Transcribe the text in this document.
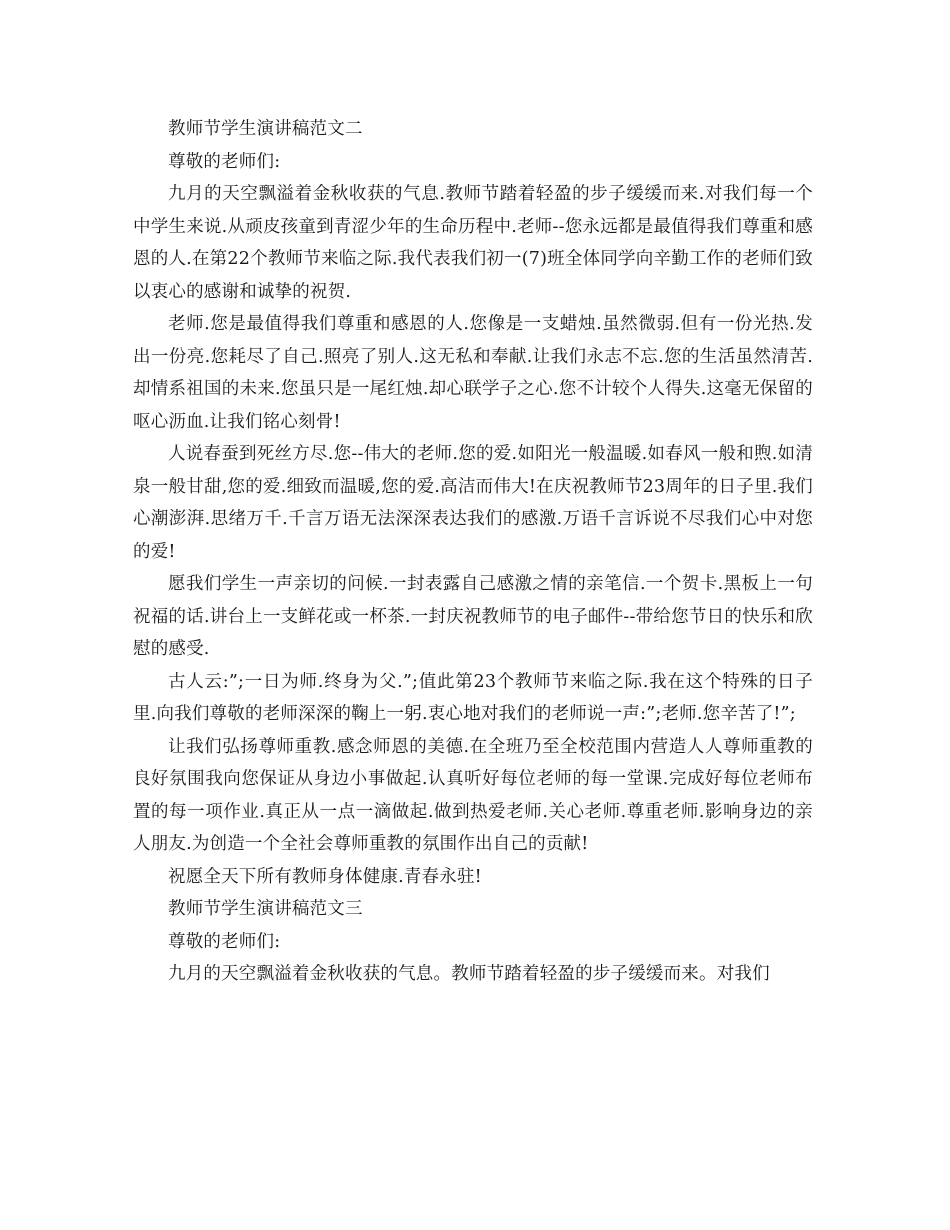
教师节学生演讲稿范文二

尊敬的老师们:

九月的天空飘溢着金秋收获的气息.教师节踏着轻盈的步子缓缓而来.对我们每一个中学生来说.从顽皮孩童到青涩少年的生命历程中.老师--您永远都是最值得我们尊重和感恩的人.在第22个教师节来临之际.我代表我们初一(7)班全体同学向辛勤工作的老师们致以衷心的感谢和诚挚的祝贺.

老师.您是最值得我们尊重和感恩的人.您像是一支蜡烛.虽然微弱.但有一份光热.发出一份亮.您耗尽了自己.照亮了别人.这无私和奉献.让我们永志不忘.您的生活虽然清苦.却情系祖国的未来.您虽只是一尾红烛.却心联学子之心.您不计较个人得失.这毫无保留的呕心沥血.让我们铭心刻骨!

人说春蚕到死丝方尽.您--伟大的老师.您的爱.如阳光一般温暖.如春风一般和煦.如清泉一般甘甜,您的爱.细致而温暖,您的爱.高洁而伟大!在庆祝教师节23周年的日子里.我们心潮澎湃.思绪万千.千言万语无法深深表达我们的感激.万语千言诉说不尽我们心中对您的爱!

愿我们学生一声亲切的问候.一封表露自己感激之情的亲笔信.一个贺卡.黑板上一句祝福的话.讲台上一支鲜花或一杯茶.一封庆祝教师节的电子邮件--带给您节日的快乐和欣慰的感受.

古人云:”;一日为师.终身为父.”;值此第23个教师节来临之际.我在这个特殊的日子里.向我们尊敬的老师深深的鞠上一躬.衷心地对我们的老师说一声:”;老师.您辛苦了!”;

让我们弘扬尊师重教.感念师恩的美德.在全班乃至全校范围内营造人人尊师重教的良好氛围我向您保证从身边小事做起.认真听好每位老师的每一堂课.完成好每位老师布置的每一项作业.真正从一点一滴做起.做到热爱老师.关心老师.尊重老师.影响身边的亲人朋友.为创造一个全社会尊师重教的氛围作出自己的贡献!

祝愿全天下所有教师身体健康.青春永驻!

教师节学生演讲稿范文三

尊敬的老师们:

九月的天空飘溢着金秋收获的气息。教师节踏着轻盈的步子缓缓而来。对我们
